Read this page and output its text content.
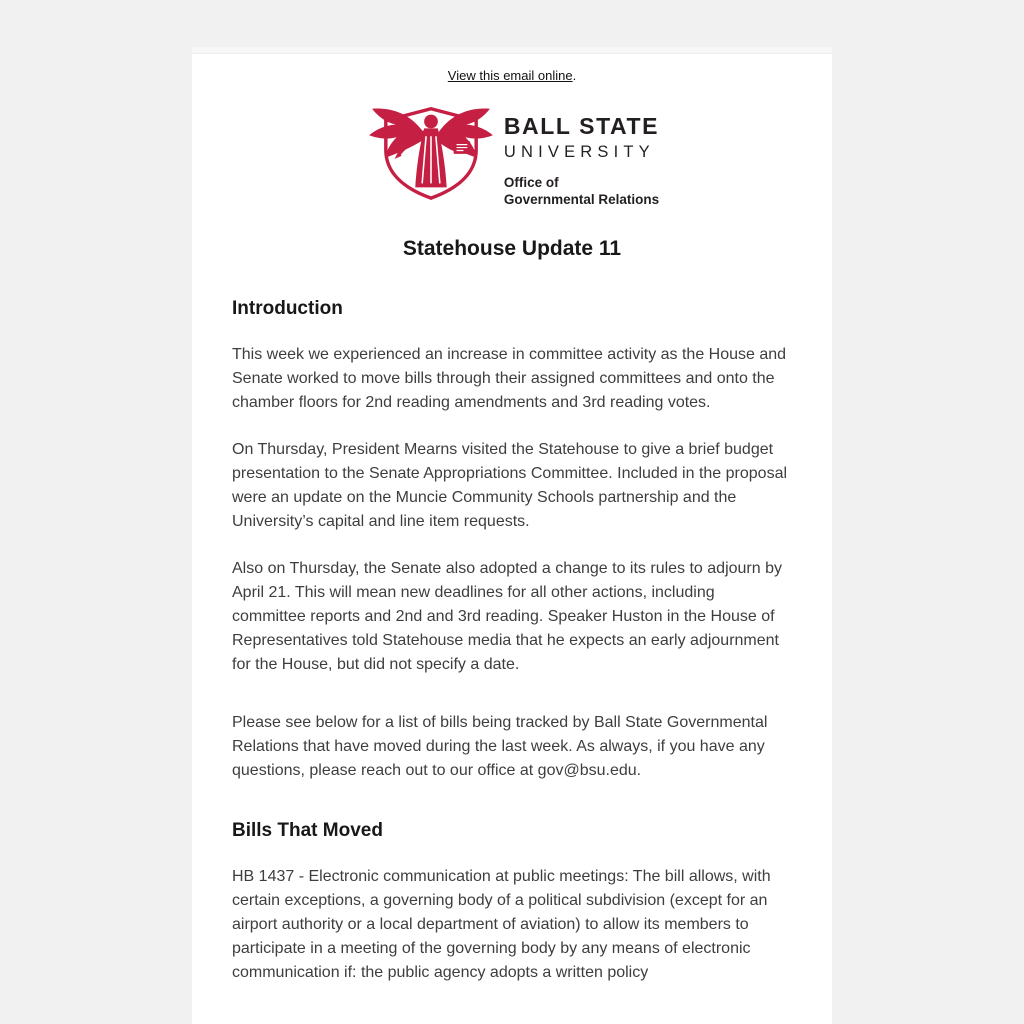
View this email online.
BALL STATE
UNIVERSITY
Office of
Governmental Relations
Statehouse Update 11
Introduction

This week we experienced an increase in committee activity as the House and Senate worked to move bills through their assigned committees and onto the chamber floors for 2nd reading amendments and 3rd reading votes.

On Thursday, President Mearns visited the Statehouse to give a brief budget presentation to the Senate Appropriations Committee. Included in the proposal were an update on the Muncie Community Schools partnership and the University’s capital and line item requests.

Also on Thursday, the Senate also adopted a change to its rules to adjourn by April 21. This will mean new deadlines for all other actions, including committee reports and 2nd and 3rd reading. Speaker Huston in the House of Representatives told Statehouse media that he expects an early adjournment for the House, but did not specify a date.

Please see below for a list of bills being tracked by Ball State Governmental Relations that have moved during the last week. As always, if you have any questions, please reach out to our office at gov@bsu.edu.

Bills That Moved

HB 1437 - Electronic communication at public meetings: The bill allows, with certain exceptions, a governing body of a political subdivision (except for an airport authority or a local department of aviation) to allow its members to participate in a meeting of the governing body by any means of electronic communication if: the public agency adopts a written policy
